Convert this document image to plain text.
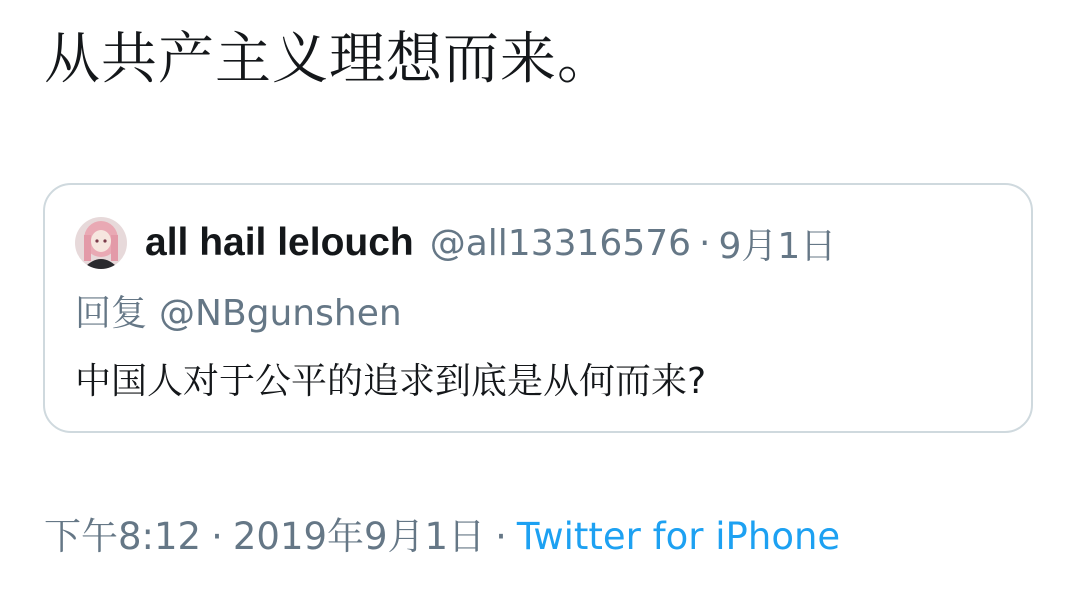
从共产主义理想而来。
all hail lelouch @all13316576 · 9月1日
回复 @NBgunshen
中国人对于公平的追求到底是从何而来?
下午8:12 · 2019年9月1日 · Twitter for iPhone
